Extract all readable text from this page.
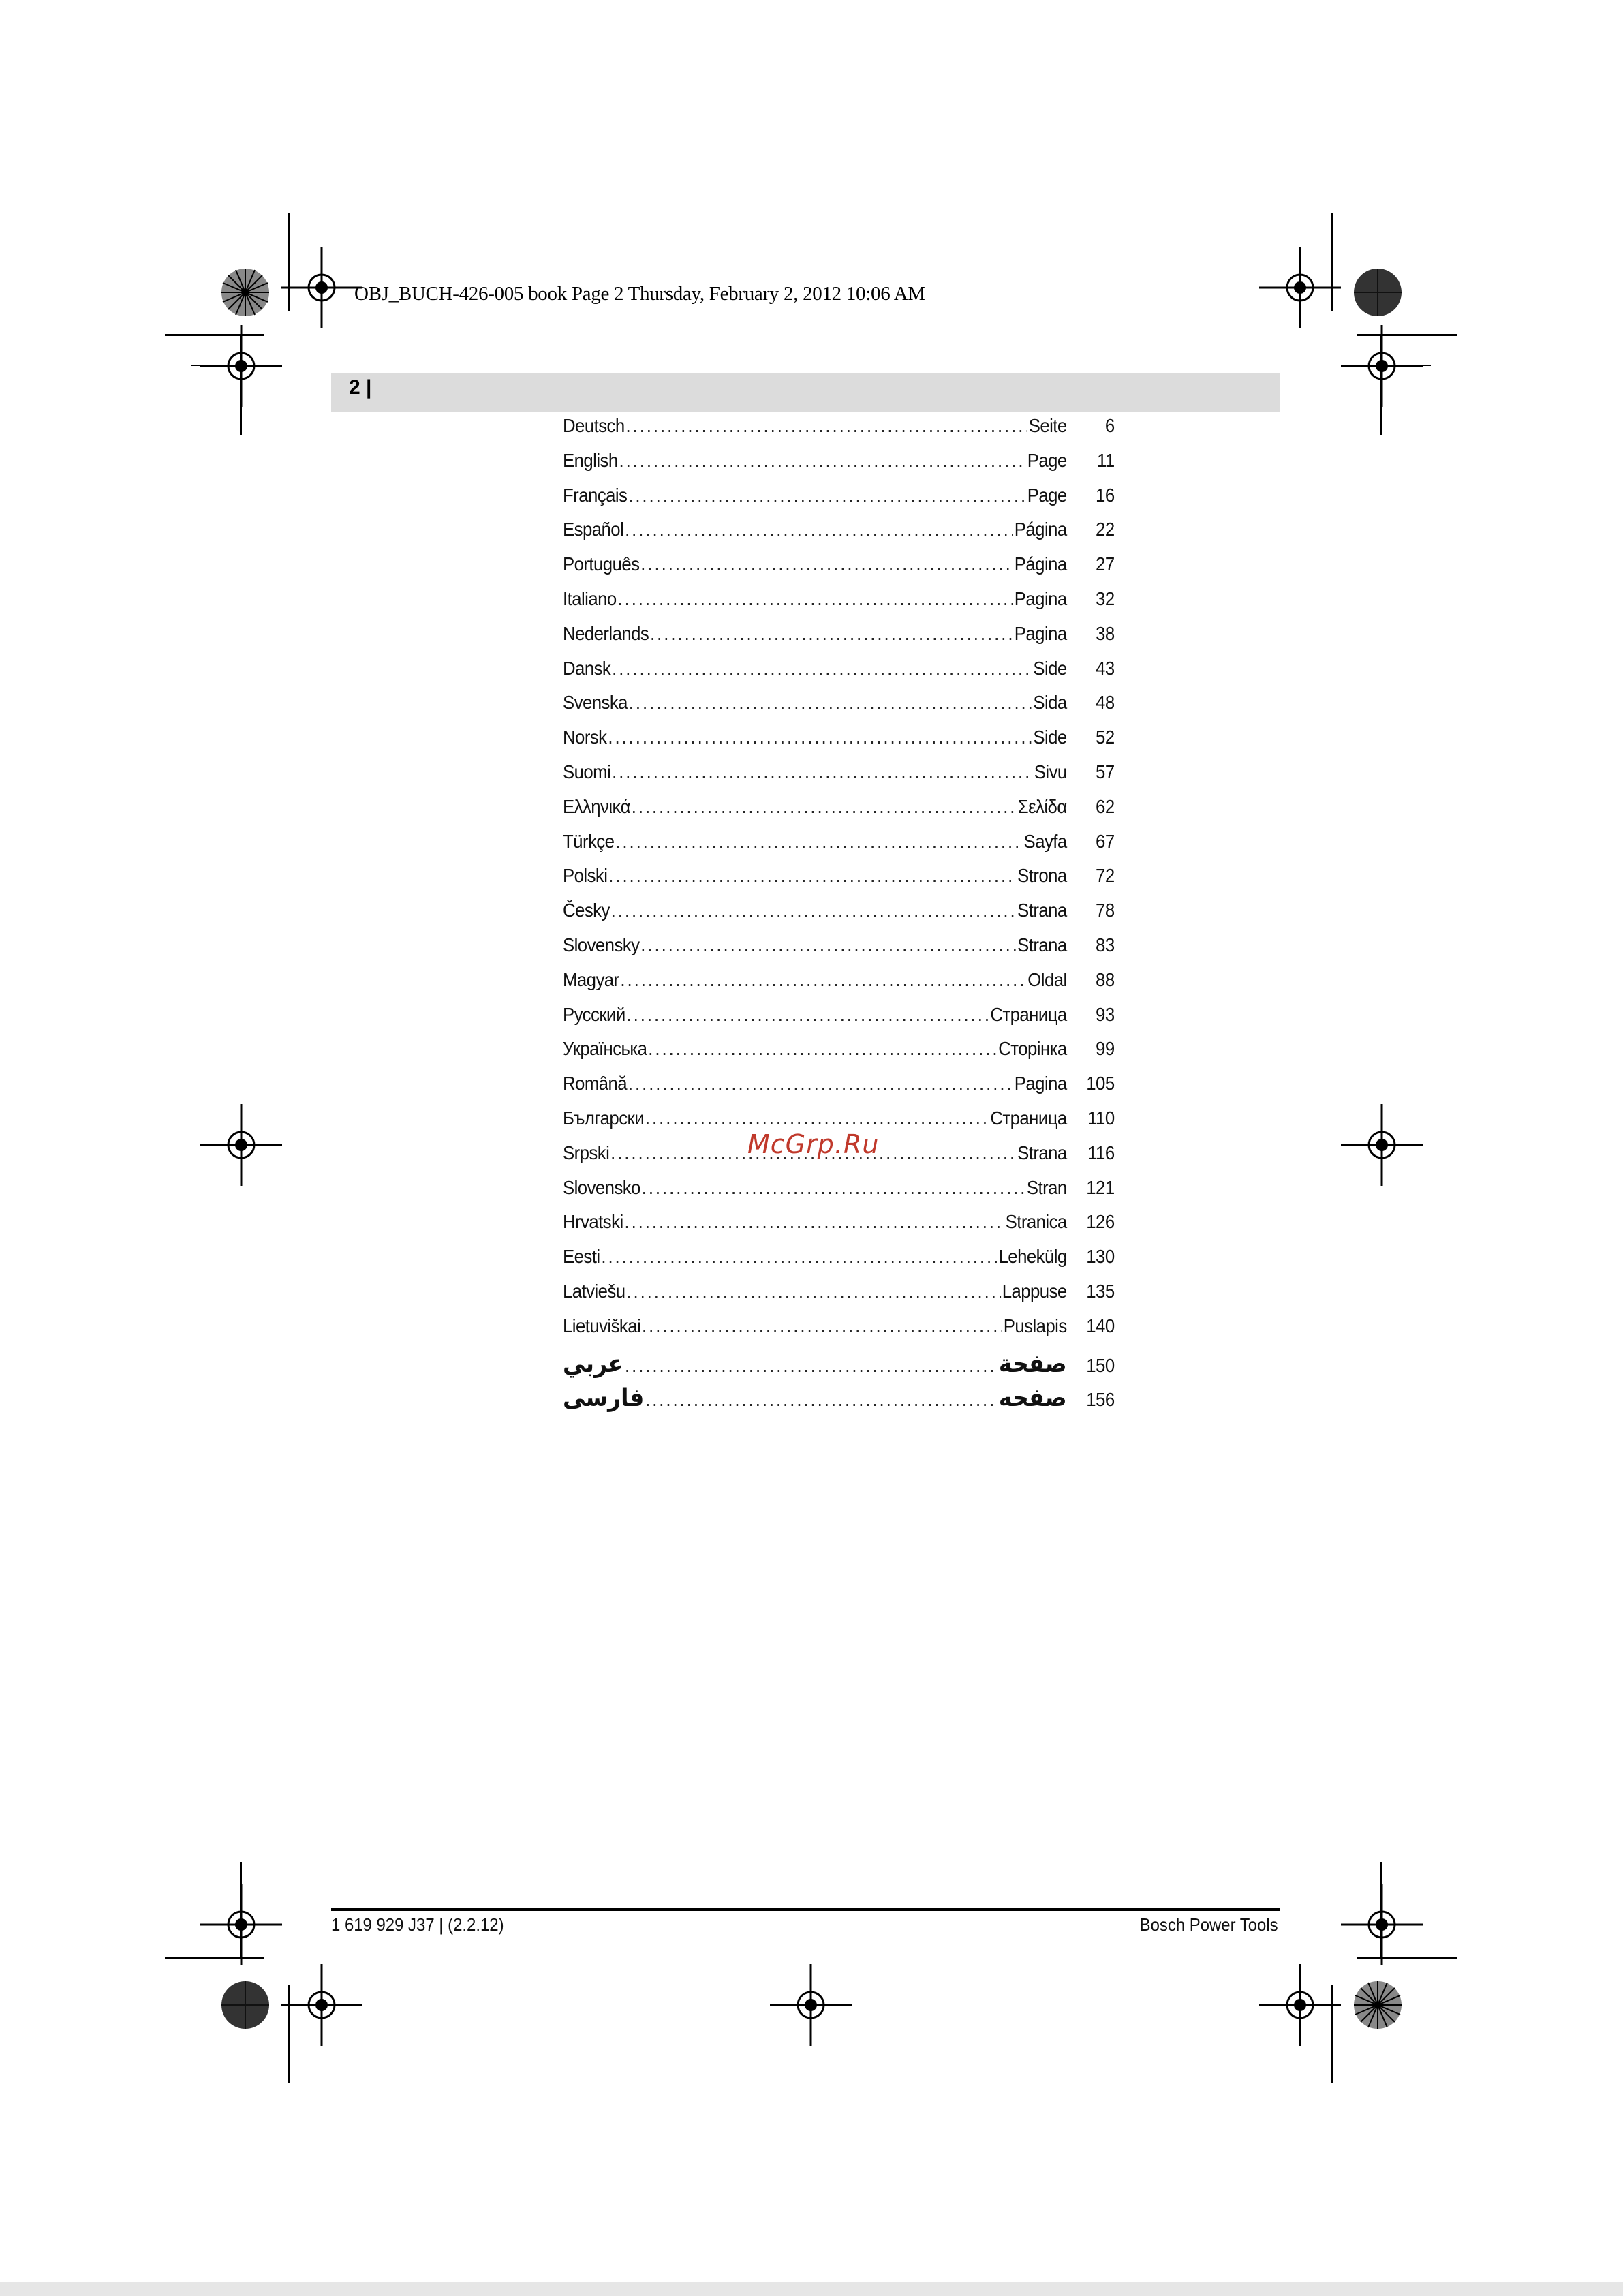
OBJ_BUCH-426-005 book Page 2 Thursday, February 2, 2012 10:06 AM
2 |
Deutsch .....	Seite	6
English .....	Page	11
Français .....	Page	16
Español .....	Página	22
Português .....	Página	27
Italiano .....	Pagina	32
Nederlands .....	Pagina	38
Dansk .....	Side	43
Svenska .....	Sida	48
Norsk .....	Side	52
Suomi .....	Sivu	57
Ελληνικά .....	Σελίδα	62
Türkçe .....	Sayfa	67
Polski .....	Strona	72
Česky .....	Strana	78
Slovensky .....	Strana	83
Magyar .....	Oldal	88
Русский .....	Страница	93
Українська .....	Сторінка	99
Română .....	Pagina	105
Български .....	Страница	110
Srpski .....	Strana	116
Slovensko .....	Stran	121
Hrvatski .....	Stranica	126
Eesti .....	Lehekülg	130
Latviešu .....	Lappuse	135
Lietuviškai .....	Puslapis	140
عربي .....	صفحة	150
فارسی .....	صفحه	156
McGrp.Ru
1 619 929 J37 | (2.2.12)	Bosch Power Tools
